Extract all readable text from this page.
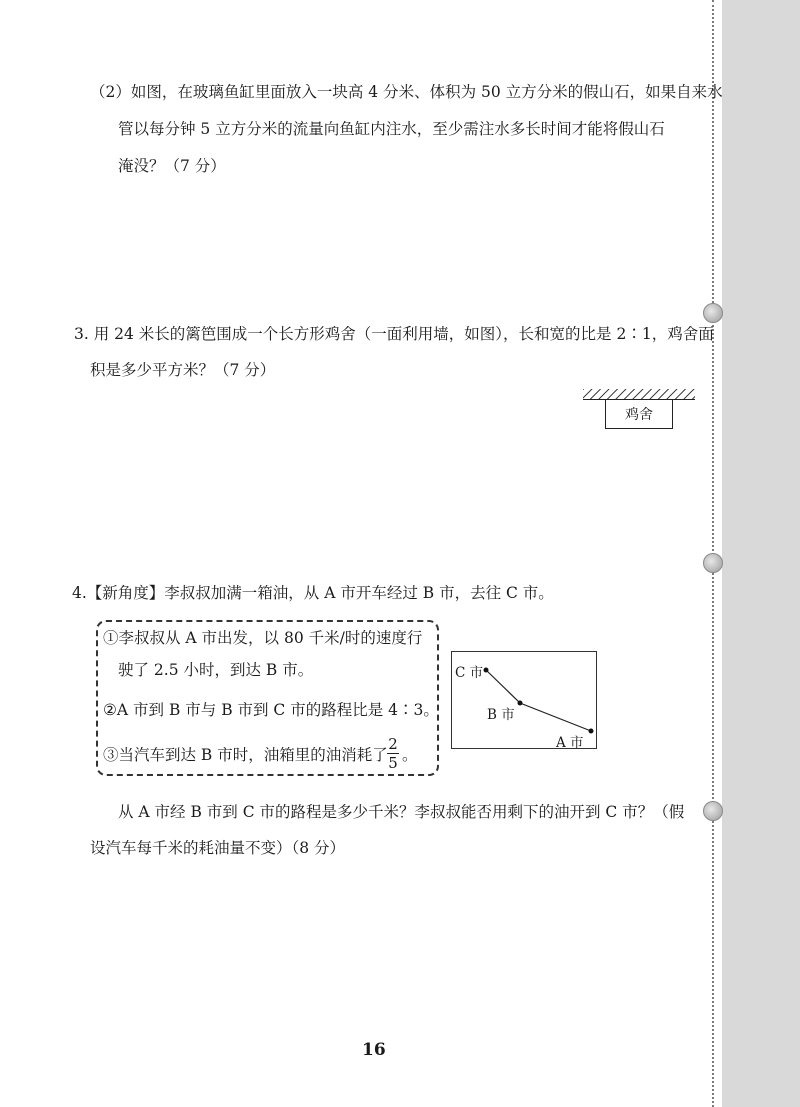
（2）如图，在玻璃鱼缸里面放入一块高 4 分米、体积为 50 立方分米的假山石，如果自来水
管以每分钟 5 立方分米的流量向鱼缸内注水，至少需注水多长时间才能将假山石
淹没？（7 分）
3. 用 24 米长的篱笆围成一个长方形鸡舍（一面利用墙，如图），长和宽的比是 2∶1，鸡舍面
积是多少平方米？（7 分）
鸡舍
4.【新角度】李叔叔加满一箱油，从 A 市开车经过 B 市，去往 C 市。
①李叔叔从 A 市出发，以 80 千米/时的速度行
驶了 2.5 小时，到达 B 市。
②A 市到 B 市与 B 市到 C 市的路程比是 4∶3。
③当汽车到达 B 市时，油箱里的油消耗了
2
5 。
C 市
B 市
A 市
从 A 市经 B 市到 C 市的路程是多少千米？李叔叔能否用剩下的油开到 C 市？（假
设汽车每千米的耗油量不变）（8 分）
16
